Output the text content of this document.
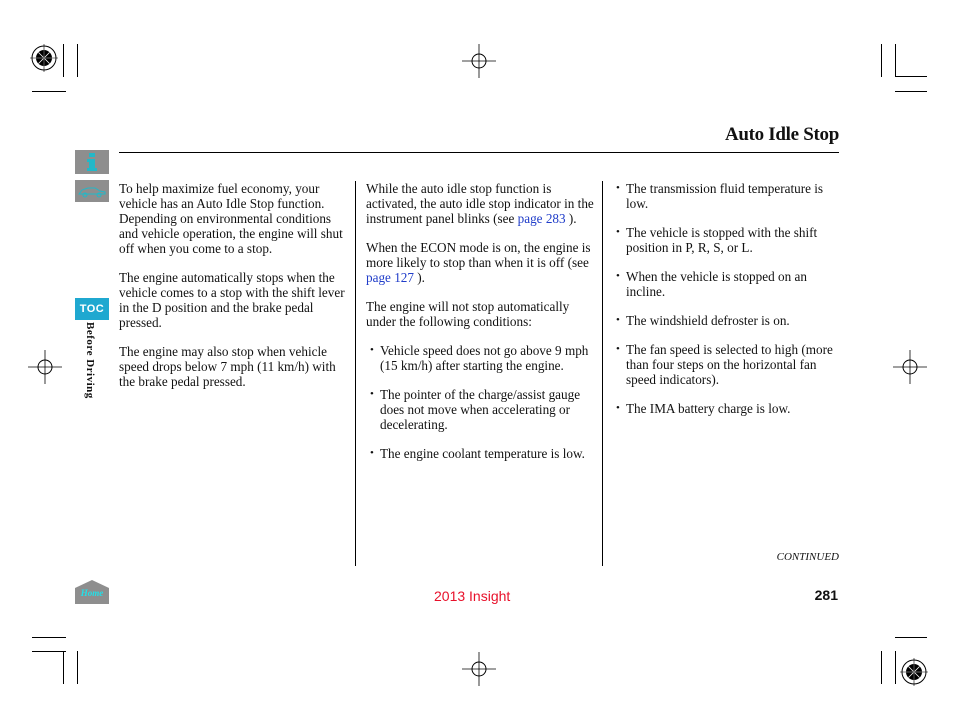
Auto Idle Stop
TOC
Before Driving
Home

To help maximize fuel economy, your vehicle has an Auto Idle Stop function. Depending on environmental conditions and vehicle operation, the engine will shut off when you come to a stop.

The engine automatically stops when the vehicle comes to a stop with the shift lever in the D position and the brake pedal pressed.

The engine may also stop when vehicle speed drops below 7 mph (11 km/h) with the brake pedal pressed.

While the auto idle stop function is activated, the auto idle stop indicator in the instrument panel blinks (see page 283 ).

When the ECON mode is on, the engine is more likely to stop than when it is off (see page 127 ).

The engine will not stop automatically under the following conditions:

• Vehicle speed does not go above 9 mph (15 km/h) after starting the engine.
• The pointer of the charge/assist gauge does not move when accelerating or decelerating.
• The engine coolant temperature is low.
• The transmission fluid temperature is low.
• The vehicle is stopped with the shift position in P, R, S, or L.
• When the vehicle is stopped on an incline.
• The windshield defroster is on.
• The fan speed is selected to high (more than four steps on the horizontal fan speed indicators).
• The IMA battery charge is low.
CONTINUED
2013 Insight	281
